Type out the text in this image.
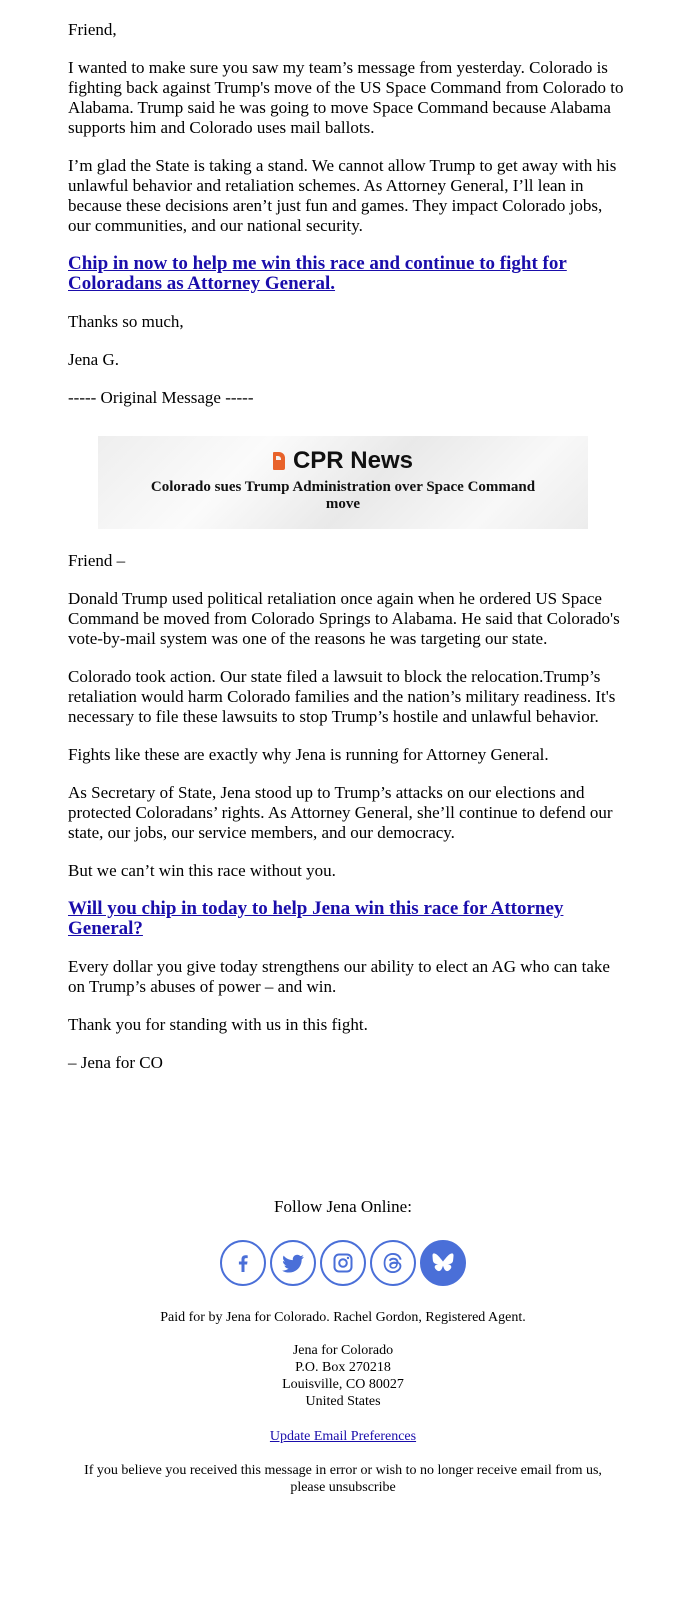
Friend,

I wanted to make sure you saw my team’s message from yesterday. Colorado is fighting back against Trump's move of the US Space Command from Colorado to Alabama. Trump said he was going to move Space Command because Alabama supports him and Colorado uses mail ballots.

I’m glad the State is taking a stand. We cannot allow Trump to get away with his unlawful behavior and retaliation schemes. As Attorney General, I’ll lean in because these decisions aren’t just fun and games. They impact Colorado jobs, our communities, and our national security.

Chip in now to help me win this race and continue to fight for Coloradans as Attorney General.

Thanks so much,

Jena G.

----- Original Message -----

CPR News
Colorado sues Trump Administration over Space Command move

Friend –

Donald Trump used political retaliation once again when he ordered US Space Command be moved from Colorado Springs to Alabama. He said that Colorado's vote-by-mail system was one of the reasons he was targeting our state.

Colorado took action. Our state filed a lawsuit to block the relocation.Trump’s retaliation would harm Colorado families and the nation’s military readiness. It's necessary to file these lawsuits to stop Trump’s hostile and unlawful behavior.

Fights like these are exactly why Jena is running for Attorney General.

As Secretary of State, Jena stood up to Trump’s attacks on our elections and protected Coloradans’ rights. As Attorney General, she’ll continue to defend our state, our jobs, our service members, and our democracy.

But we can’t win this race without you.

Will you chip in today to help Jena win this race for Attorney General?

Every dollar you give today strengthens our ability to elect an AG who can take on Trump’s abuses of power – and win.

Thank you for standing with us in this fight.

– Jena for CO

Follow Jena Online:
Paid for by Jena for Colorado. Rachel Gordon, Registered Agent.
Jena for Colorado
P.O. Box 270218
Louisville, CO 80027
United States
Update Email Preferences
If you believe you received this message in error or wish to no longer receive email from us, please unsubscribe
